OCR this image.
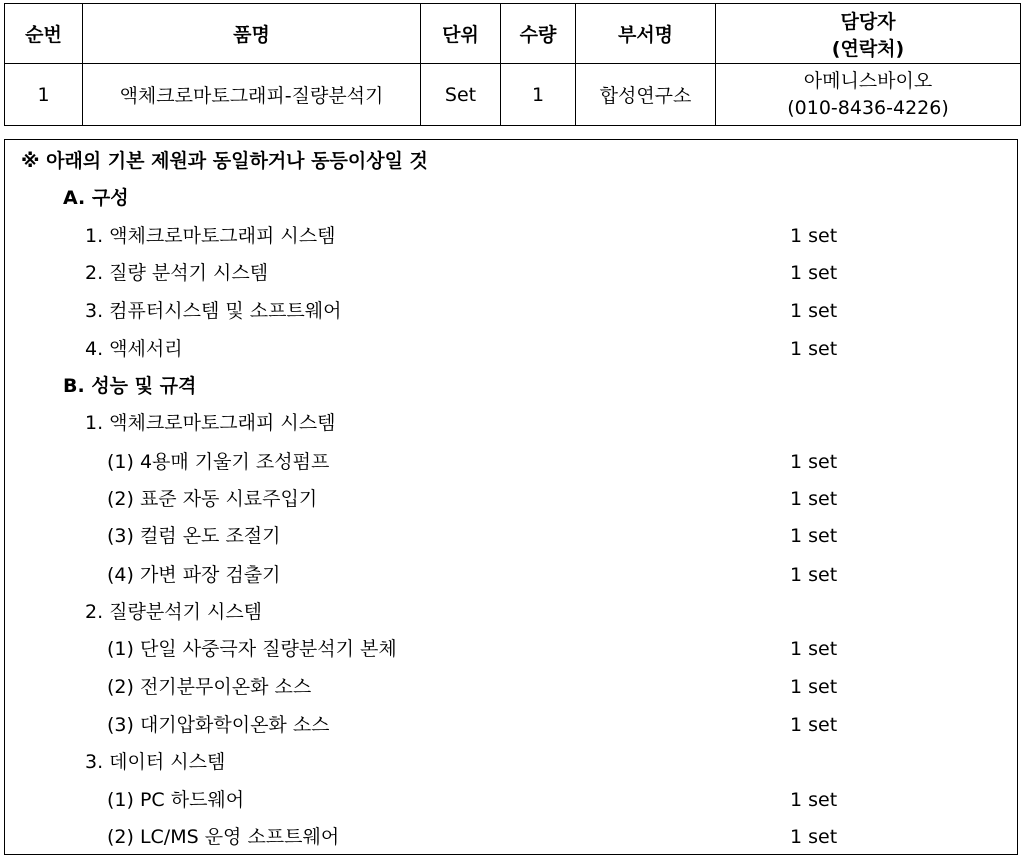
순번	품명	단위	수량	부서명	담당자
(연락처)

1	액체크로마토그래피-질량분석기	Set	1	합성연구소	아메니스바이오
(010-8436-4226)
※ 아래의 기본 제원과 동일하거나 동등이상일 것
A. 구성
1. 액체크로마토그래피 시스템	1 set
2. 질량 분석기 시스템	1 set
3. 컴퓨터시스템 및 소프트웨어	1 set
4. 액세서리	1 set
B. 성능 및 규격
1. 액체크로마토그래피 시스템
(1) 4용매 기울기 조성펌프	1 set
(2) 표준 자동 시료주입기	1 set
(3) 컬럼 온도 조절기	1 set
(4) 가변 파장 검출기	1 set
2. 질량분석기 시스템
(1) 단일 사중극자 질량분석기 본체	1 set
(2) 전기분무이온화 소스	1 set
(3) 대기압화학이온화 소스	1 set
3. 데이터 시스템
(1) PC 하드웨어	1 set
(2) LC/MS 운영 소프트웨어	1 set
